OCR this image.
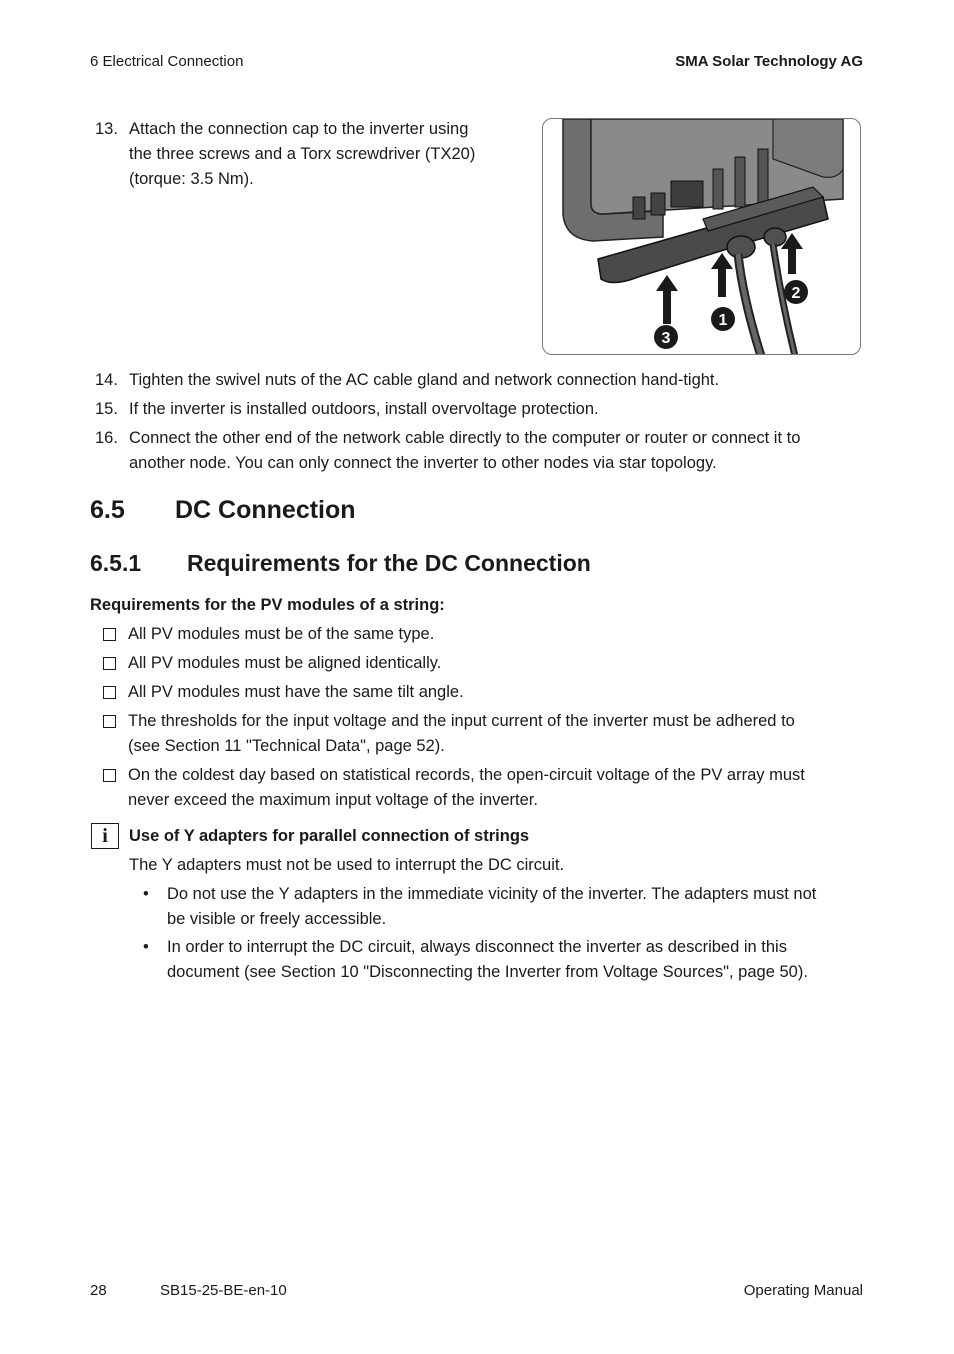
6 Electrical Connection	SMA Solar Technology AG
13. Attach the connection cap to the inverter using
the three screws and a Torx screwdriver (TX20)
(torque: 3.5 Nm).
1
2
3
14. Tighten the swivel nuts of the AC cable gland and network connection hand-tight.
15. If the inverter is installed outdoors, install overvoltage protection.
16. Connect the other end of the network cable directly to the computer or router or connect it to
another node. You can only connect the inverter to other nodes via star topology.
6.5 DC Connection
6.5.1 Requirements for the DC Connection
Requirements for the PV modules of a string:
All PV modules must be of the same type.
All PV modules must be aligned identically.
All PV modules must have the same tilt angle.
The thresholds for the input voltage and the input current of the inverter must be adhered to
(see Section 11 "Technical Data", page 52).
On the coldest day based on statistical records, the open-circuit voltage of the PV array must
never exceed the maximum input voltage of the inverter.
i	Use of Y adapters for parallel connection of strings
The Y adapters must not be used to interrupt the DC circuit.
• Do not use the Y adapters in the immediate vicinity of the inverter. The adapters must not
be visible or freely accessible.
• In order to interrupt the DC circuit, always disconnect the inverter as described in this
document (see Section 10 "Disconnecting the Inverter from Voltage Sources", page 50).
28	SB15-25-BE-en-10	Operating Manual
